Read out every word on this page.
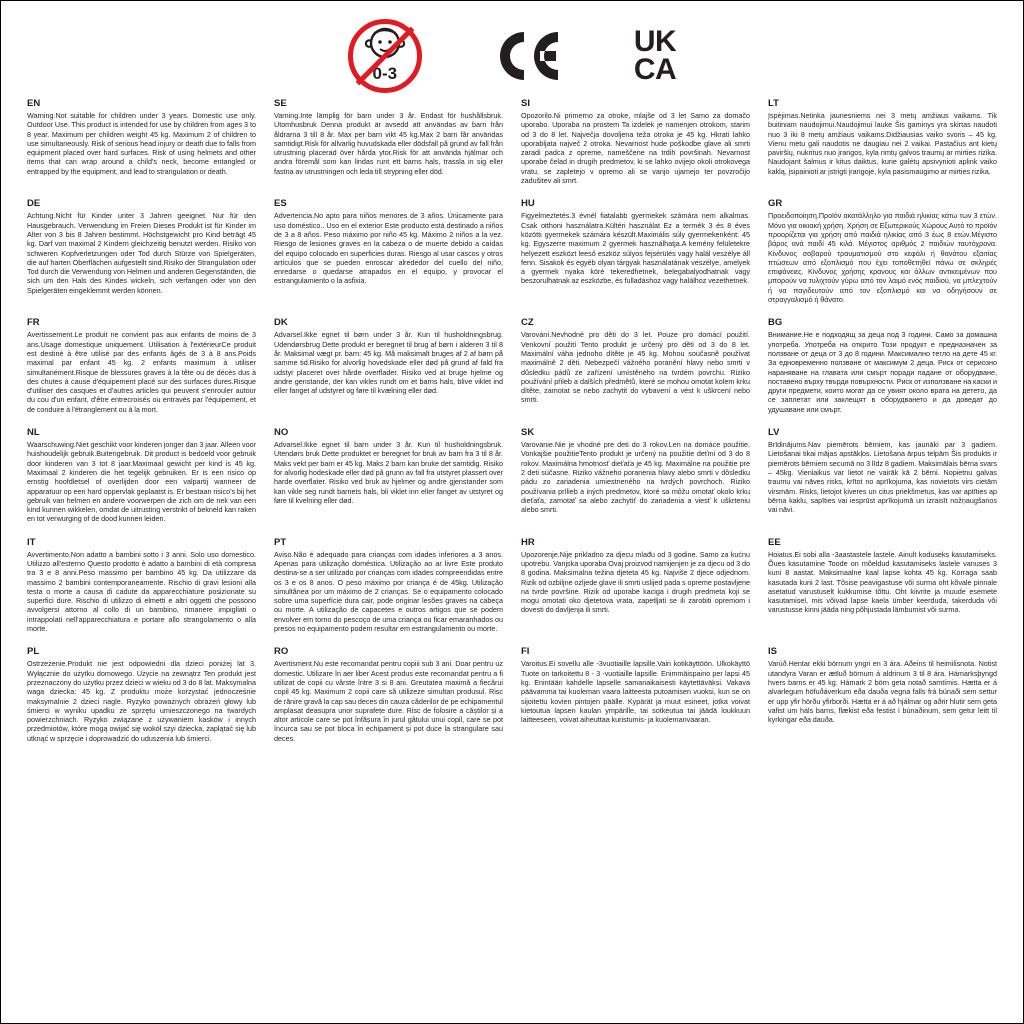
0-3
UK
CA
EN
Warning.Not suitable for children under 3 years. Domestic use only. Outdoor Use. This product is intended for use by children from ages 3 to 8 year. Maximum per children weight 45 kg. Maximum 2 of children to use simultaneously. Risk of serious head injury or death due to falls from equipment placed over hard surfaces. Risk of using helmets and other items that can wrap around a child's neck, become entangled or entrapped by the equipment, and lead to strangulation or death.
SE
Varning.Inte lämplig för barn under 3 år. Endast för hushållsbruk. Utomhusbruk Denna produkt är avsedd att användas av barn från åldrarna 3 till 8 år. Max per barn vikt 45 kg.Max 2 barn får användas samtidigt.Risk för allvarlig huvudskada eller dödsfall på grund av fall från utrustning placerad över hårda ytor.Risk för att använda hjälmar och andra föremål som kan lindas runt ett barns hals, trassla in sig eller fastna av utrustningen och leda till strypning eller död.
SI
Opozorilo.Ni primerno za otroke, mlajše od 3 let Samo za domačo uporabo. Uporaba na prostem Ta izdelek je namenjen otrokom, starim od 3 do 8 let. Največja dovoljena teža otroka je 45 kg. Hkrati lahko uporabljata največ 2 otroka. Nevarnost hude poškodbe glave ali smrti zaradi padca z opreme, nameščene na trdih površinah. Nevarnost uporabe čelad in drugih predmetov, ki se lahko ovijejo okoli otrokovega vratu, se zapletejo v opremo ali se vanjo ujamejo ter povzročijo zadušitev ali smrt.
LT
Įspėjimas.Netinka jaunesniems nei 3 metų amžiaus vaikams. Tik buitiniam naudojimui.Naudojimui lauke Šis gaminys yra skirtas naudoti nuo 3 iki 8 metų amžiaus vaikams.Didžiausias vaiko svoris – 45 kg. Vienu metu gali naudotis ne daugiau nei 2 vaikai. Pastačius ant kietų paviršių, nukritus nuo įrangos, kyla rimtų galvos traumų ar mirties rizika. Naudojant šalmus ir kitus daiktus, kurie galėtų apsivynioti aplink vaiko kaklą, įsipainioti ar įstrigti įrangoje, kyla pasismaugimo ar mirties rizika.
DE
Achtung.Nicht für Kinder unter 3 Jahren geeignet. Nur für den Hausgebrauch. Verwendung im Freien Dieses Produkt ist für Kinder im Alter von 3 bis 8 Jahren bestimmt. Höchstgewicht pro Kind beträgt 45 kg. Darf von maximal 2 Kindern gleichzeitig benutzt werden. Risiko von schweren Kopfverletzungen oder Tod durch Stürze von Spielgeräten, die auf harten Oberflächen aufgestellt sind.Risiko der Strangulation oder Tod durch die Verwendung von Helmen und anderen Gegenständen, die sich um den Hals des Kindes wickeln, sich verfangen oder von den Spielgeräten eingeklemmt werden können.
ES
Advertencia.No apto para niños menores de 3 años. Únicamente para uso doméstico.. Uso en el exterior Este producto está destinado a niños de 3 a 8 años. Peso máximo por niño 45 kg. Máximo 2 niños a la vez. Riesgo de lesiones graves en la cabeza o de muerte debido a caídas del equipo colocado en superficies duras. Riesgo al usar cascos y otros artículos que se pueden enroscar alrededor del cuello del niño, enredarse o quedarse atrapados en el equipo, y provocar el estrangulamiento o la asfixia.
HU
Figyelmeztetés.3 évnél fiatalabb gyermekek számára nem alkalmas. Csak otthoni használatra.Kültéri használat Ez a termék 3 és 8 éves közötti gyermekek számára készült.Maximális súly gyermekenként: 45 kg. Egyszerre maximum 2 gyermek használhatja.A kemény felületekre helyezett eszközt leeső eszköz súlyos fejsérülés vagy halál veszélye áll fenn. Sisakok és egyéb olyan tárgyak használatának veszélye, amelyek a gyermek nyaka köré tekeredhetnek, belegabalyodhatnak vagy beszorulhatnak az eszközbe, és fulladáshoz vagy halálhoz vezethetnek.
GR
Προειδοποίηση.Προϊόν ακατάλληλο για παιδιά ηλικίας κάτω των 3 ετών. Μόνο για οικιακή χρήση. Χρήση σε Εξωτερικούς Χώρους Αυτό το προϊόν προορίζεται για χρήση από παιδιά ηλικίας από 3 έως 8 ετών.Μέγιστο βάρος ανά παιδί 45 κιλά. Μέγιστος αριθμός 2 παιδιών ταυτόχρονα. Κίνδυνος σοβαρού τραυματισμού στο κεφάλι ή θανάτου εξαιτίας πτώσεων από εξοπλισμό που έχει τοποθετηθεί πάνω σε σκληρές επιφάνειες. Κίνδυνος χρήσης κρανους και άλλων αντικειμένων που μπορούν να τυλιχτούν γύρω από τον λαιμό ενός παιδιού, να μπλεχτούν ή να παγιδευτούν από τον εξοπλισμό και να οδηγήσουν σε στραγγαλισμό ή θάνατο.
FR
Avertissement.Le produit ne convient pas aux enfants de moins de 3 ans.Usage domestique uniquement. Utilisation à l'extérieurCe produit est destiné à être utilisé par des enfants âgés de 3 à 8 ans.Poids maximal par enfant 45 kg. 2 enfants maximum à utiliser simultanément.Risque de blessures graves à la tête ou de décès dus à des chutes à cause d'équipement placé sur des surfaces dures.Risque d'utiliser des casques et d'autres articles qui peuvent s'enrouler autour du cou d'un enfant, d'être entrecroisés ou entravés par l'équipement, et de conduire à l'étranglement ou à la mort.
DK
Advarsel.Ikke egnet til børn under 3 år. Kun til husholdningsbrug. Udendørsbrug Dette produkt er beregnet til brug af børn i alderen 3 til 8 år. Maksimal vægt pr. barn: 45 kg. Må maksimalt bruges af 2 af børn på samme tid.Risiko for alvorlig hovedskade eller død på grund af fald fra udstyr placeret over hårde overflader. Risiko ved at bruge hjelme og andre genstande, der kan vikles rundt om et barns hals, blive viklet ind eller fanget af udstyret og føre til kvælning eller død.
CZ
Varování.Nevhodné pro děti do 3 let. Pouze pro domácí použití. Venkovní použití Tento produkt je určený pro děti od 3 do 8 let. Maximální váha jednoho dítěte je 45 kg. Mohou současně používat maximálně 2 děti. Nebezpečí vážného poranění hlavy nebo smrti v důsledku pádů ze zařízení umístěného na tvrdém povrchu. Riziko používání přileb a dalších předmětů, které se mohou omotat kolem krku dítěte, zamotat se nebo zachytit do vybavení a vést k uškrcení nebo smrti.
BG
Внимание.Не е подходящ за деца под 3 години. Само за домашна употреба. Употреба на открито Този продукт е предназначен за ползване от деца от 3 до 8 години. Максимално тегло на дете 45 кг. За едновременно ползване от максимум 2 деца. Риск от сериозно нараняване на главата или смърт поради падане от оборудване, поставено върху твърди повърхности. Риск от използване на каски и други предмети, които могат да се увият около врата на детето, да се заплетат или заклещят в оборудването и да доведат до удушаване или смърт.
NL
Waarschuwing.Niet geschikt voor kinderen jonger dan 3 jaar. Alleen voor huishoudelijk gebruik.Buitengebruik. Dit product is bedoeld voor gebruik door kinderen van 3 tot 8 jaar.Maximaal gewicht per kind is 45 kg. Maximaal 2 kinderen die het tegelijk gebruiken. Er is een risico op ernstig hoofdletsel of overlijden door een valpartij wanneer de apparatuur op een hard oppervlak geplaatst is. Er bestaan risico's bij het gebruik van helmen en andere voorwerpen die zich om de nek van een kind kunnen wikkelen, omdat de uitrusting verstrikt of bekneld kan raken en tot verwurging of de dood kunnen leiden.
NO
Advarsel.Ikke egnet til barn under 3 år. Kun til husholdningsbruk. Utendørs bruk Dette produktet er beregnet for bruk av barn fra 3 til 8 år. Maks vekt per barn er 45 kg. Maks 2 barn kan bruke det samtidig. Risiko for alvorlig hodeskade eller død på grunn av fall fra utstyret plassert over harde overflater. Risiko ved bruk av hjelmer og andre gjenstander som kan vikle seg rundt barnets hals, bli viklet inn eller fanget av utstyret og føre til kvelning eller død.
SK
Varovanie.Nie je vhodné pre deti do 3 rokov.Len na domáce použitie. Vonkajšie použitieTento produkt je určený na použitie deťmi od 3 do 8 rokov. Maximálna hmotnosť dieťaťa je 45 kg. Maximálne na použitie pre 2 deti súčasne. Riziko vážneho poranenia hlavy alebo smrti v dôsledku pádu zo zariadenia umiestneného na tvrdých povrchoch. Riziko používania prílieb a iných predmetov, ktoré sa môžu omotať okolo krku dieťaťa, zamotať sa alebo zachytiť do zariadenia a viesť k uškrteniu alebo smrti.
LV
Brīdinājums.Nav piemērots bērniem, kas jaunāki par 3 gadiem. Lietošanai tikai mājas apstākļos. Lietošana ārpus telpām Šis produkts ir piemērots bērniem secumā no 3 līdz 8 gadiem. Maksimālais bērna svars – 45kg. Vienlaikus var lietot ne vairāk kā 2 bērni. Nopietnu galvas traumu vai nāves risks, krītot no aprīkojuma, kas novietots virs cietām virsmām. Risks, lietojot ķiveres un citus priekšmetus, kas var aptīties ap bērna kaklu, sapīties vai iesprūst aprīkojumā un izraisīt nožņaugšanos vai nāvi.
IT
Avvertimento.Non adatto a bambini sotto i 3 anni. Solo uso domestico. Utilizzo all'esterno Questo prodotto è adatto a bambini di età compresa tra 3 e 8 anni.Peso massimo per bambino 45 kg. Da utilizzare da massimo 2 bambini contemporaneamente. Rischio di gravi lesioni alla testa o morte a causa di cadute da apparecchiature posizionate su superfici dure. Rischio di utilizzo di elmetti e altri oggetti che possono avvolgersi attorno al collo di un bambino, rimanere impigliati o intrappolati nell'apparecchiatura e portare allo strangolamento o alla morte.
PT
Aviso.Não é adequado para crianças com idades inferiores a 3 anos. Apenas para utilização doméstica. Utilização ao ar livre Este produto destina-se a ser utilizado por crianças com idades compreendidas entre os 3 e os 8 anos. O peso máximo por criança é de 45kg. Utilização simultânea por um máximo de 2 crianças. Se o equipamento colocado sobre uma superfície dura cair, pode originar lesões graves na cabeça ou morte. A utilização de capacetes e outros artigos que se podem envolver em torno do pescoço de uma criança ou ficar emaranhados ou presos no equipamento podem resultar em estrangulamento ou morte.
HR
Upozorenje.Nije prikladno za djecu mlađu od 3 godine. Samo za kućnu upotrebu. Vanjska uporaba Ovaj proizvod namijenjen je za djecu od 3 do 8 godina. Maksimalna težina djeteta 45 kg. Najviše 2 djece odjednom. Rizik od ozbiljne ozljede glave ili smrti uslijed pada s opreme postavljene na tvrde površine. Rizik od uporabe kaciga i drugih predmeta koji se mogu omotati oko djetetova vrata, zapetljati se ili zarobiti opremom i dovesti do davljenja ili smrti.
EE
Hoiatus.Ei sobi alla -3aastastele lastele. Ainult koduseks kasutamiseks. Õues kasutamine Toode on mõeldud kasutamiseks lastele vanuses 3 kuni 8 aastat. Maksimaalne kaal lapse kohta 45 kg. Korraga saab kasutada kuni 2 last. Tõsise peavigastuse või surma oht kõvale pinnale asetatud varustuselt kukkumise tõttu. Oht kiivrite ja muude esemete kasutamisel, mis võivad lapse kaela ümber keerduda, takerduda või varustusse kinni jääda ning põhjustada lämbumist või surma.
PL
Ostrzeżenie.Produkt nie jest odpowiedni dla dzieci poniżej lat 3. Wyłącznie do użytku domowego. Użycie na zewnątrz Ten produkt jest przeznaczony do użytku przez dzieci w wieku od 3 do 8 lat. Maksymalna waga dziecka: 45 kg. Z produktu może korzystać jednocześnie maksymalnie 2 dzieci nagle. Ryzyko poważnych obrażeń głowy lub śmierci w wyniku upadku ze sprzętu umieszczonego na twardych powierzchniach. Ryzyko związane z używaniem kasków i innych przedmiotów, które mogą owijać się wokół szyi dziecka, zaplątać się lub utknąć w sprzęcie i doprowadzić do uduszenia lub śmierci.
RO
Avertisment.Nu este recomandat pentru copiii sub 3 ani. Doar pentru uz domestic. Utilizare în aer liber Acest produs este recomandat pentru a fi utilizat de copii cu vârste între 3 si 8 ani. Greutatea maximă a fiecărui copil 45 kg. Maximum 2 copii care să utilizeze simultan produsul. Risc de rănire gravă la cap sau deces din cauza căderilor de pe echipamentul amplasat deasupra unor suprafețe dure. Risc de folosire a căștilor și a altor articole care se pot înfășura în jurul gâtului unui copil, care se pot încurca sau se pot bloca în echipament și pot duce la strangulare sau deces.
FI
Varoitus.Ei sovellu alle -3vuotiaille lapsille.Vain kotikäyttöön. Ulkokäyttö Tuote on tarkoitettu 8 - 3 -vuotiaille lapsille. Enimmäispaino per lapsi 45 kg. Enintään kahdelle lapselle samanaikaisesti käytettäväksi. Vakava päävamma tai kuoleman vaara laitteesta putoamisen vuoksi, kun se on sijoitettu kovien pintojen päälle. Kypärät ja muut esineet, jotka voivat kietoutua lapsen kaulan ympärille, tai sotkeutua tai jäädä loukkuun laitteeseen, voivat aiheuttaa kuristumis- ja kuolemanvaaran.
IS
Varúð.Hentar ekki börnum yngri en 3 ára. Aðeins til heimilisnota. Notist utandyra Varan er ætluð börnum á aldrinum 3 til 8 ára. Hámarksþyngd hvers barns er 45 kg. Hámark 2 börn geta notað samtímis. Hætta er á alvarlegum höfuðáverkum eða dauða vegna falls frá búnaði sem settur er upp yfir hörðu yfirborði. Hætta er á að hjálmar og aðrir hlutir sem geta vafist um háls barns, flækist eða festist í búnaðinum, sem getur leitt til kyrkingar eða dauða.
